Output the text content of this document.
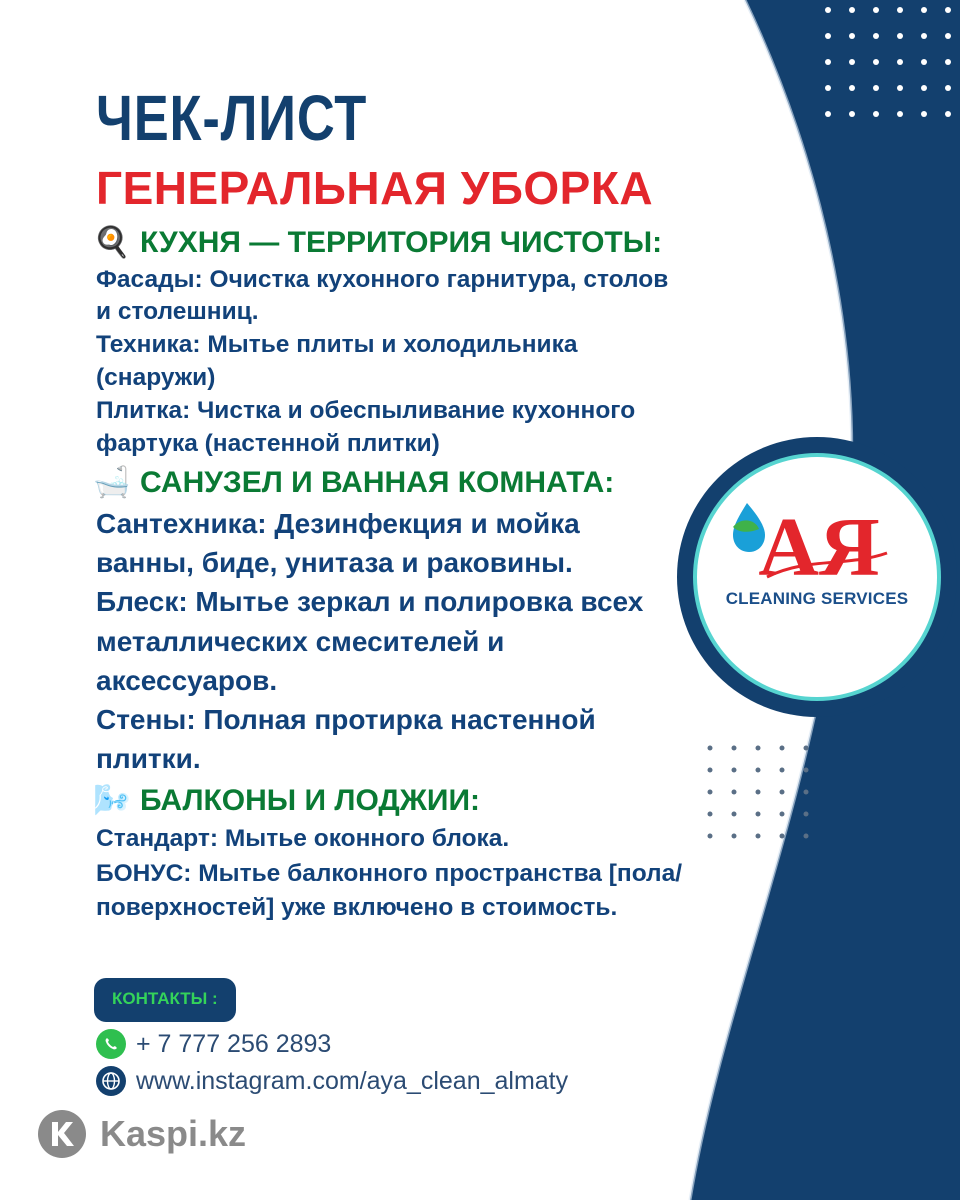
АЯ
CLEANING SERVICES
ЧЕК-ЛИСТ
ГЕНЕРАЛЬНАЯ УБОРКА
🍳 КУХНЯ — ТЕРРИТОРИЯ ЧИСТОТЫ:
Фасады: Очистка кухонного гарнитура, столов
и столешниц.
Техника: Мытье плиты и холодильника
(снаружи)
Плитка: Чистка и обеспыливание кухонного
фартука (настенной плитки)
🛁 САНУЗЕЛ И ВАННАЯ КОМНАТА:
Сантехника: Дезинфекция и мойка
ванны, биде, унитаза и раковины.
Блеск: Мытье зеркал и полировка всех
металлических смесителей и
аксессуаров.
Стены: Полная протирка настенной
плитки.
🌬️ БАЛКОНЫ И ЛОДЖИИ:
Стандарт: Мытье оконного блока.
БОНУС: Мытье балконного пространства [пола/
поверхностей] уже включено в стоимость.
КОНТАКТЫ :
+ 7 777 256 2893
www.instagram.com/aya_clean_almaty
Kaspi.kz
